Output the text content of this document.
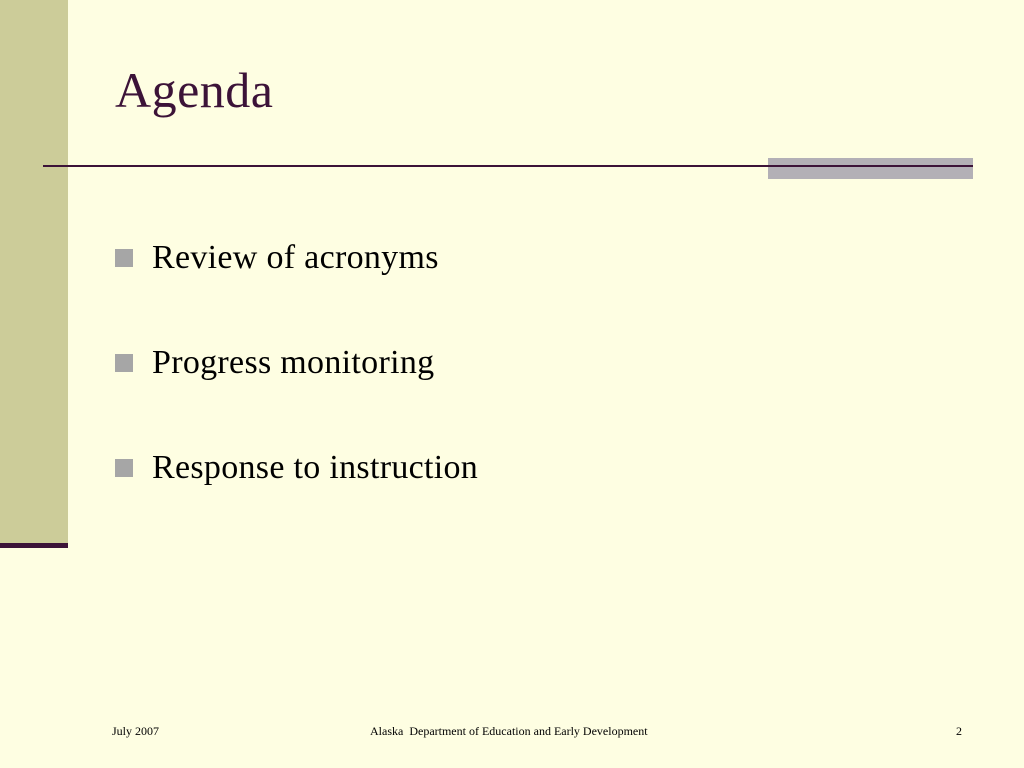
Agenda
Review of acronyms
Progress monitoring
Response to instruction
July 2007	Alaska  Department of Education and Early Development	2
